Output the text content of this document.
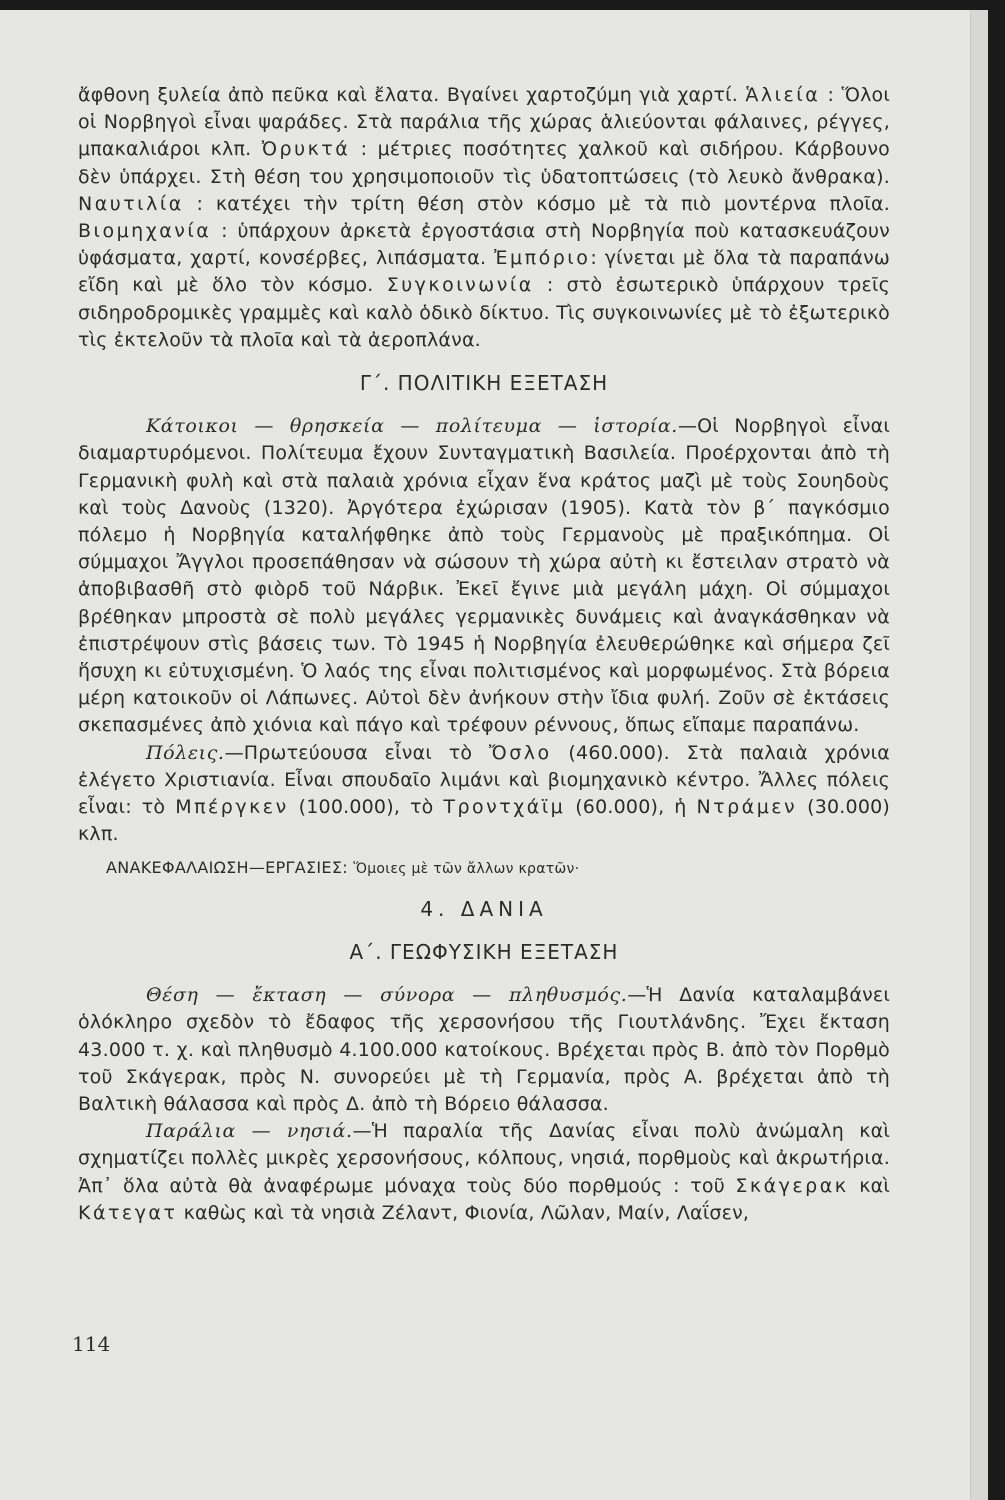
ἄφθονη ξυλεία ἀπὸ πεῦκα καὶ ἔλατα. Βγαίνει χαρτοζύμη γιὰ χαρτί. Ἁλιεία : Ὅλοι οἱ Νορβηγοὶ εἶναι ψαράδες. Στὰ παράλια τῆς χώρας ἁλιεύονται φάλαινες, ρέγγες, μπακαλιάροι κλπ. Ὀρυκτά : μέτριες ποσότητες χαλκοῦ καὶ σιδήρου. Κάρβουνο δὲν ὑπάρχει. Στὴ θέση του χρησιμοποιοῦν τὶς ὑδατοπτώσεις (τὸ λευκὸ ἄνθρακα). Ναυτιλία : κατέχει τὴν τρίτη θέση στὸν κόσμο μὲ τὰ πιὸ μοντέρνα πλοῖα. Βιομηχανία : ὑπάρχουν ἀρκετὰ ἐργοστάσια στὴ Νορβηγία ποὺ κατασκευάζουν ὑφάσματα, χαρτί, κονσέρβες, λιπάσματα. Ἐμπόριο: γίνεται μὲ ὅλα τὰ παραπάνω εἴδη καὶ μὲ ὅλο τὸν κόσμο. Συγκοινωνία : στὸ ἐσωτερικὸ ὑπάρχουν τρεῖς σιδηροδρομικὲς γραμμὲς καὶ καλὸ ὁδικὸ δίκτυο. Τὶς συγκοινωνίες μὲ τὸ ἐξωτερικὸ τὶς ἐκτελοῦν τὰ πλοῖα καὶ τὰ ἀεροπλάνα.

Γ΄. ΠΟΛΙΤΙΚΗ ΕΞΕΤΑΣΗ

Κάτοικοι — θρησκεία — πολίτευμα — ἱστορία.—Οἱ Νορβηγοὶ εἶναι διαμαρτυρόμενοι. Πολίτευμα ἔχουν Συνταγματικὴ Βασιλεία. Προέρχονται ἀπὸ τὴ Γερμανικὴ φυλὴ καὶ στὰ παλαιὰ χρόνια εἶχαν ἕνα κράτος μαζὶ μὲ τοὺς Σουηδοὺς καὶ τοὺς Δανοὺς (1320). Ἀργότερα ἐχώρισαν (1905). Κατὰ τὸν β΄ παγκόσμιο πόλεμο ἡ Νορβηγία καταλήφθηκε ἀπὸ τοὺς Γερμανοὺς μὲ πραξικόπημα. Οἱ σύμμαχοι Ἄγγλοι προσεπάθησαν νὰ σώσουν τὴ χώρα αὐτὴ κι ἔστειλαν στρατὸ νὰ ἀποβιβασθῆ στὸ φιὸρδ τοῦ Νάρβικ. Ἐκεῖ ἔγινε μιὰ μεγάλη μάχη. Οἱ σύμμαχοι βρέθηκαν μπροστὰ σὲ πολὺ μεγάλες γερμανικὲς δυνάμεις καὶ ἀναγκάσθηκαν νὰ ἐπιστρέψουν στὶς βάσεις των. Τὸ 1945 ἡ Νορβηγία ἐλευθερώθηκε καὶ σήμερα ζεῖ ἥσυχη κι εὐτυχισμένη. Ὁ λαός της εἶναι πολιτισμένος καὶ μορφωμένος. Στὰ βόρεια μέρη κατοικοῦν οἱ Λάπωνες. Αὐτοὶ δὲν ἀνήκουν στὴν ἴδια φυλή. Ζοῦν σὲ ἐκτάσεις σκεπασμένες ἀπὸ χιόνια καὶ πάγο καὶ τρέφουν ρέννους, ὅπως εἴπαμε παραπάνω.

Πόλεις.—Πρωτεύουσα εἶναι τὸ Ὄσλο (460.000). Στὰ παλαιὰ χρόνια ἐλέγετο Χριστιανία. Εἶναι σπουδαῖο λιμάνι καὶ βιομηχανικὸ κέντρο. Ἄλλες πόλεις εἶναι: τὸ Μπέργκεν (100.000), τὸ Τροντχάϊμ (60.000), ἡ Ντράμεν (30.000) κλπ.

ΑΝΑΚΕΦΑΛΑΙΩΣΗ—ΕΡΓΑΣΙΕΣ: Ὅμοιες μὲ τῶν ἄλλων κρατῶν·

4. ΔΑΝΙΑ

Α΄. ΓΕΩΦΥΣΙΚΗ ΕΞΕΤΑΣΗ

Θέση — ἔκταση — σύνορα — πληθυσμός.—Ἡ Δανία καταλαμβάνει ὁλόκληρο σχεδὸν τὸ ἔδαφος τῆς χερσονήσου τῆς Γιουτλάνδης. Ἔχει ἔκταση 43.000 τ. χ. καὶ πληθυσμὸ 4.100.000 κατοίκους. Βρέχεται πρὸς Β. ἀπὸ τὸν Πορθμὸ τοῦ Σκάγεραк, πρὸς Ν. συνορεύει μὲ τὴ Γερμανία, πρὸς Α. βρέχεται ἀπὸ τὴ Βαλτικὴ θάλασσα καὶ πρὸς Δ. ἀπὸ τὴ Βόρειο θάλασσα.

Παράλια — νησιά.—Ἡ παραλία τῆς Δανίας εἶναι πολὺ ἀνώμαλη καὶ σχηματίζει πολλὲς μικρὲς χερσονήσους, κόλπους, νησιά, πορθμοὺς καὶ ἀκρωτήρια. Ἀπ᾽ ὅλα αὐτὰ θὰ ἀναφέρωμε μόναχα τοὺς δύο πορθμούς : τοῦ Σκάγεραк καὶ Κάτεγατ καθὼς καὶ τὰ νησιὰ Ζέλαντ, Φιονία, Λῶλαν, Μαίν, Λαΐσεν,

114
